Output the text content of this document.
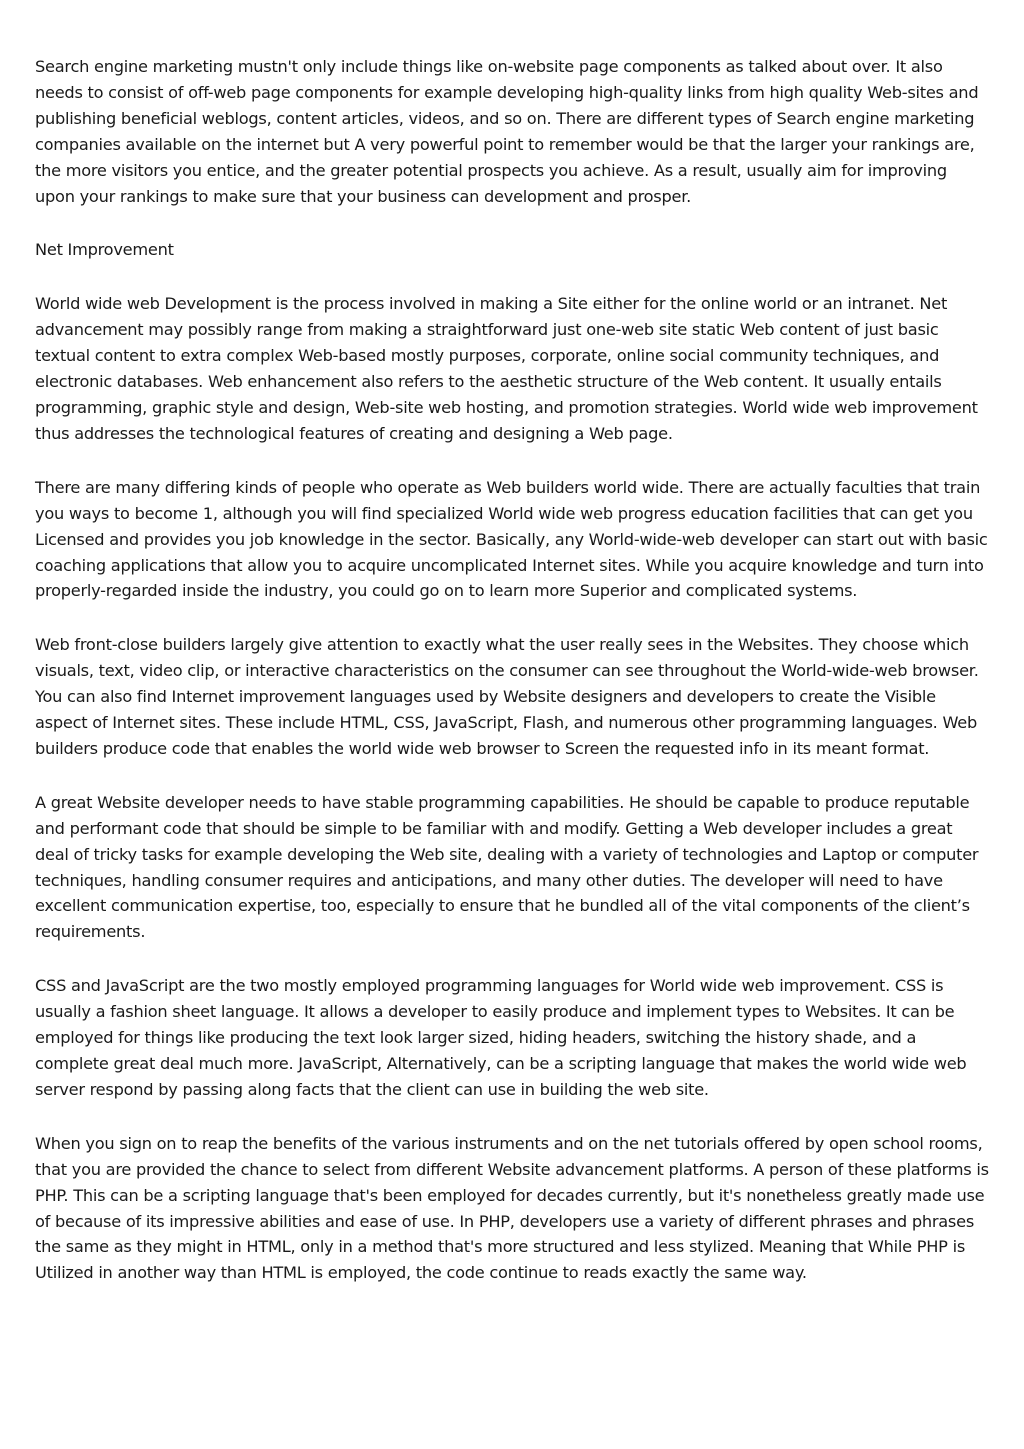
Search engine marketing mustn't only include things like on-website page components as talked about over. It also needs to consist of off-web page components for example developing high-quality links from high quality Web-sites and publishing beneficial weblogs, content articles, videos, and so on. There are different types of Search engine marketing companies available on the internet but A very powerful point to remember would be that the larger your rankings are, the more visitors you entice, and the greater potential prospects you achieve. As a result, usually aim for improving upon your rankings to make sure that your business can development and prosper.

Net Improvement

World wide web Development is the process involved in making a Site either for the online world or an intranet. Net advancement may possibly range from making a straightforward just one-web site static Web content of just basic textual content to extra complex Web-based mostly purposes, corporate, online social community techniques, and electronic databases. Web enhancement also refers to the aesthetic structure of the Web content. It usually entails programming, graphic style and design, Web-site web hosting, and promotion strategies. World wide web improvement thus addresses the technological features of creating and designing a Web page.

There are many differing kinds of people who operate as Web builders world wide. There are actually faculties that train you ways to become 1, although you will find specialized World wide web progress education facilities that can get you Licensed and provides you job knowledge in the sector. Basically, any World-wide-web developer can start out with basic coaching applications that allow you to acquire uncomplicated Internet sites. While you acquire knowledge and turn into properly-regarded inside the industry, you could go on to learn more Superior and complicated systems.

Web front-close builders largely give attention to exactly what the user really sees in the Websites. They choose which visuals, text, video clip, or interactive characteristics on the consumer can see throughout the World-wide-web browser. You can also find Internet improvement languages used by Website designers and developers to create the Visible aspect of Internet sites. These include HTML, CSS, JavaScript, Flash, and numerous other programming languages. Web builders produce code that enables the world wide web browser to Screen the requested info in its meant format.

A great Website developer needs to have stable programming capabilities. He should be capable to produce reputable and performant code that should be simple to be familiar with and modify. Getting a Web developer includes a great deal of tricky tasks for example developing the Web site, dealing with a variety of technologies and Laptop or computer techniques, handling consumer requires and anticipations, and many other duties. The developer will need to have excellent communication expertise, too, especially to ensure that he bundled all of the vital components of the client’s requirements.

CSS and JavaScript are the two mostly employed programming languages for World wide web improvement. CSS is usually a fashion sheet language. It allows a developer to easily produce and implement types to Websites. It can be employed for things like producing the text look larger sized, hiding headers, switching the history shade, and a complete great deal much more. JavaScript, Alternatively, can be a scripting language that makes the world wide web server respond by passing along facts that the client can use in building the web site.

When you sign on to reap the benefits of the various instruments and on the net tutorials offered by open school rooms, that you are provided the chance to select from different Website advancement platforms. A person of these platforms is PHP. This can be a scripting language that's been employed for decades currently, but it's nonetheless greatly made use of because of its impressive abilities and ease of use. In PHP, developers use a variety of different phrases and phrases the same as they might in HTML, only in a method that's more structured and less stylized. Meaning that While PHP is Utilized in another way than HTML is employed, the code continue to reads exactly the same way.
